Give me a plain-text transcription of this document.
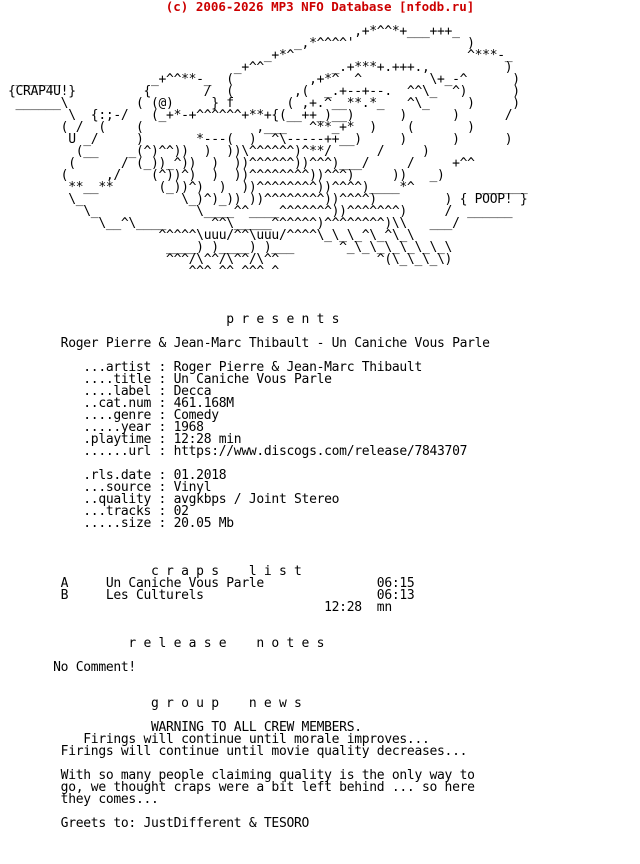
(c) 2006-2026 MP3 NFO Database [nfodb.ru]

,+*^^*+___+++_
_,*^^^^'               )
_+*^                       ^***-_
_+^^         _.+***+.+++.,          )
______            _+^^**-_  (          ,+*^  ^         \+_-^      )
{CRAP4U!}         {       /  (        ,(  _.+--+--.  ^^\_  ^)      )
______\         ( (@)     } f       ( ,+.^__**.*_   ^\_     )     )
\  {:;-/   (_+*-+^^^^^^+**+{(__++_)__)      )      )      /
( /  (    (               ,___   ^**_+*  )    (       )
U _/     )       *---(  )  ^\-----++__)     )      )      )
(__    _(^)^^))  )  ))\^^^^^^)^**/      /     )
(      / (_))_^))  )  ))^^^^^^))^^^)___/     /     +^^
(     ,/    (^))^)  )  ))^^^^^^^^))^^^)     ))   _)
**__**      (_))^)  )  ))^^^^^^^^))^^^^)____*^         ______
\_             \_)^)_)) ))^^^^^^^^))^^^^)         ) { POOP! }
\_             \____^^____^^^^^^^))^^^^^^^)     /  ______
\__^\____      ^^\_____^^^^^^)^^^^^^^^)\\   ___/
^^^^^\uuu/^^\uuu/^^^^\_\_\_^\_^\_\
____) )____) )___      ^_\_\_\_\_\_\_\
^^^/\^^/\^^/\^^             ^(\_\_\_\)
^^^ ^^ ^^^ ^

p r e s e n t s

Roger Pierre & Jean-Marc Thibault - Un Caniche Vous Parle

...artist : Roger Pierre & Jean-Marc Thibault
....title : Un Caniche Vous Parle
....label : Decca
..cat.num : 461.168M
....genre : Comedy
.....year : 1968
.playtime : 12:28 min
......url : https://www.discogs.com/release/7843707

.rls.date : 01.2018
...source : Vinyl
..quality : avgkbps / Joint Stereo
...tracks : 02
.....size : 20.05 Mb

c r a p s    l i s t
A     Un Caniche Vous Parle               06:15
B     Les Culturels                       06:13
12:28  mn

r e l e a s e    n o t e s

No Comment!

g r o u p    n e w s

WARNING TO ALL CREW MEMBERS.
Firings will continue until morale improves...
Firings will continue until movie quality decreases...

With so many people claiming quality is the only way to
go, we thought craps were a bit left behind ... so here
they comes...

Greets to: JustDifferent & TESORO
